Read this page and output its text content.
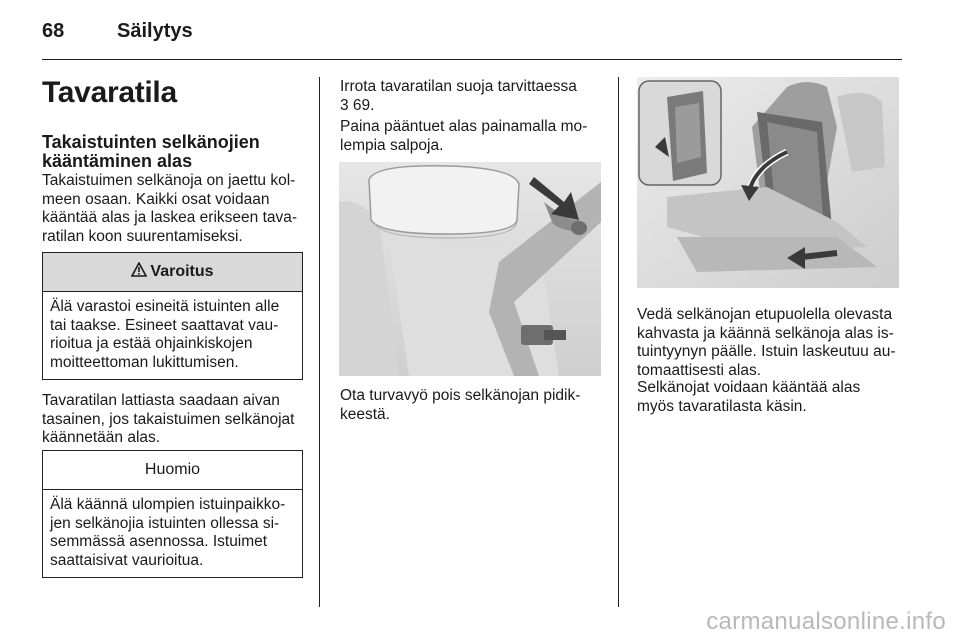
68	Säilytys
Tavaratila
Takaistuinten selkänojien kääntäminen alas
Takaistuimen selkänoja on jaettu kol-meen osaan. Kaikki osat voidaan kääntää alas ja laskea erikseen tava-ratilan koon suurentamiseksi.
Varoitus
Älä varastoi esineitä istuinten alle tai taakse. Esineet saattavat vau-rioitua ja estää ohjainkiskojen moitteettoman lukittumisen.
Tavaratilan lattiasta saadaan aivan tasainen, jos takaistuimen selkänojat käännetään alas.
Huomio
Älä käännä ulompien istuinpaikko-jen selkänojia istuinten ollessa si-semmässä asennossa. Istuimet saattaisivat vaurioitua.
Irrota tavaratilan suoja tarvittaessa
3 69.
Paina pääntuet alas painamalla mo-lempia salpoja.
Ota turvavyö pois selkänojan pidik-keestä.
Vedä selkänojan etupuolella olevasta kahvasta ja käännä selkänoja alas is-tuintyynyn päälle. Istuin laskeutuu au-tomaattisesti alas.
Selkänojat voidaan kääntää alas myös tavaratilasta käsin.
carmanualsonline.info
